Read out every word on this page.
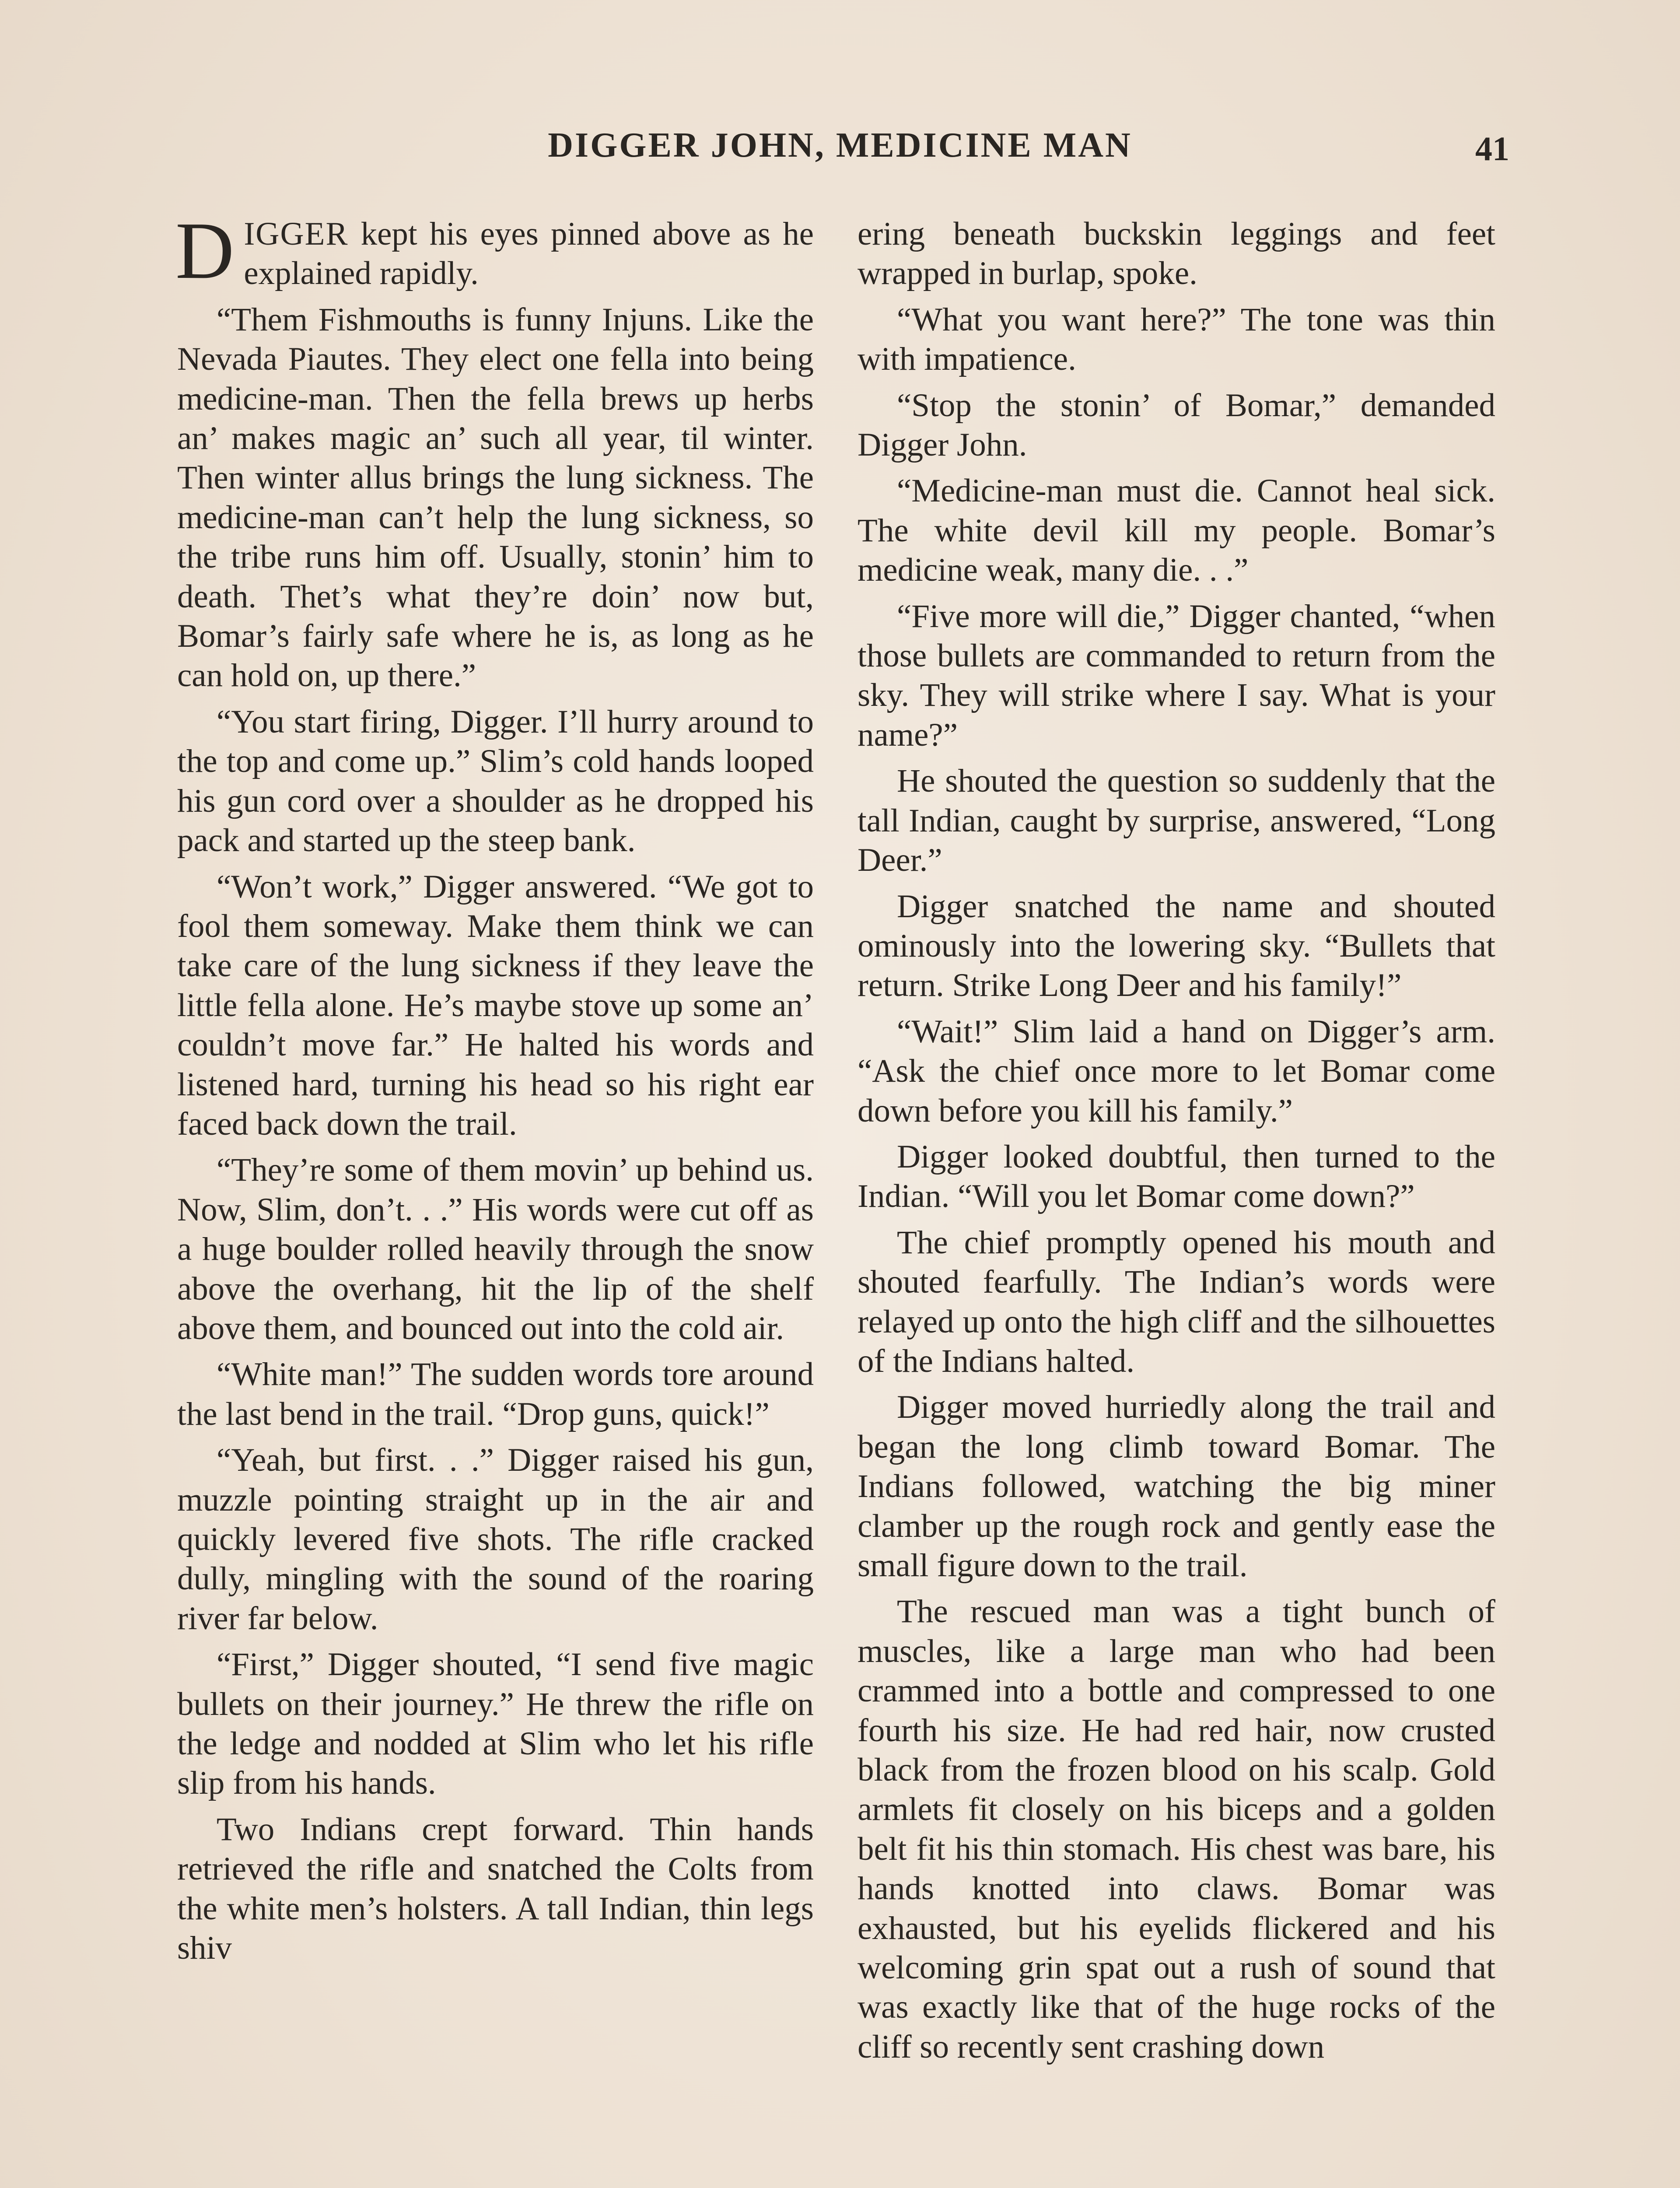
DIGGER JOHN, MEDICINE MAN	41

DIGGER kept his eyes pinned above as he explained rapidly.

“Them Fishmouths is funny Injuns. Like the Nevada Piautes. They elect one fella into being medicine-man. Then the fella brews up herbs an’ makes magic an’ such all year, til winter. Then winter allus brings the lung sickness. The medicine-man can’t help the lung sickness, so the tribe runs him off. Usually, stonin’ him to death. Thet’s what they’re doin’ now but, Bomar’s fairly safe where he is, as long as he can hold on, up there.”

“You start firing, Digger. I’ll hurry around to the top and come up.” Slim’s cold hands looped his gun cord over a shoulder as he dropped his pack and started up the steep bank.

“Won’t work,” Digger answered. “We got to fool them someway. Make them think we can take care of the lung sickness if they leave the little fella alone. He’s maybe stove up some an’ couldn’t move far.” He halted his words and listened hard, turning his head so his right ear faced back down the trail.

“They’re some of them movin’ up behind us. Now, Slim, don’t. . .” His words were cut off as a huge boulder rolled heavily through the snow above the overhang, hit the lip of the shelf above them, and bounced out into the cold air.

“White man!” The sudden words tore around the last bend in the trail. “Drop guns, quick!”

“Yeah, but first. . .” Digger raised his gun, muzzle pointing straight up in the air and quickly levered five shots. The rifle cracked dully, mingling with the sound of the roaring river far below.

“First,” Digger shouted, “I send five magic bullets on their journey.” He threw the rifle on the ledge and nodded at Slim who let his rifle slip from his hands.

Two Indians crept forward. Thin hands retrieved the rifle and snatched the Colts from the white men’s holsters. A tall Indian, thin legs shiv

ering beneath buckskin leggings and feet wrapped in burlap, spoke.

“What you want here?” The tone was thin with impatience.

“Stop the stonin’ of Bomar,” demanded Digger John.

“Medicine-man must die. Cannot heal sick. The white devil kill my people. Bomar’s medicine weak, many die. . .”

“Five more will die,” Digger chanted, “when those bullets are commanded to return from the sky. They will strike where I say. What is your name?”

He shouted the question so suddenly that the tall Indian, caught by surprise, answered, “Long Deer.”

Digger snatched the name and shouted ominously into the lowering sky. “Bullets that return. Strike Long Deer and his family!”

“Wait!” Slim laid a hand on Digger’s arm. “Ask the chief once more to let Bomar come down before you kill his family.”

Digger looked doubtful, then turned to the Indian. “Will you let Bomar come down?”

The chief promptly opened his mouth and shouted fearfully. The Indian’s words were relayed up onto the high cliff and the silhouettes of the Indians halted.

Digger moved hurriedly along the trail and began the long climb toward Bomar. The Indians followed, watching the big miner clamber up the rough rock and gently ease the small figure down to the trail.

The rescued man was a tight bunch of muscles, like a large man who had been crammed into a bottle and compressed to one fourth his size. He had red hair, now crusted black from the frozen blood on his scalp. Gold armlets fit closely on his biceps and a golden belt fit his thin stomach. His chest was bare, his hands knotted into claws. Bomar was exhausted, but his eyelids flickered and his welcoming grin spat out a rush of sound that was exactly like that of the huge rocks of the cliff so recently sent crashing down
